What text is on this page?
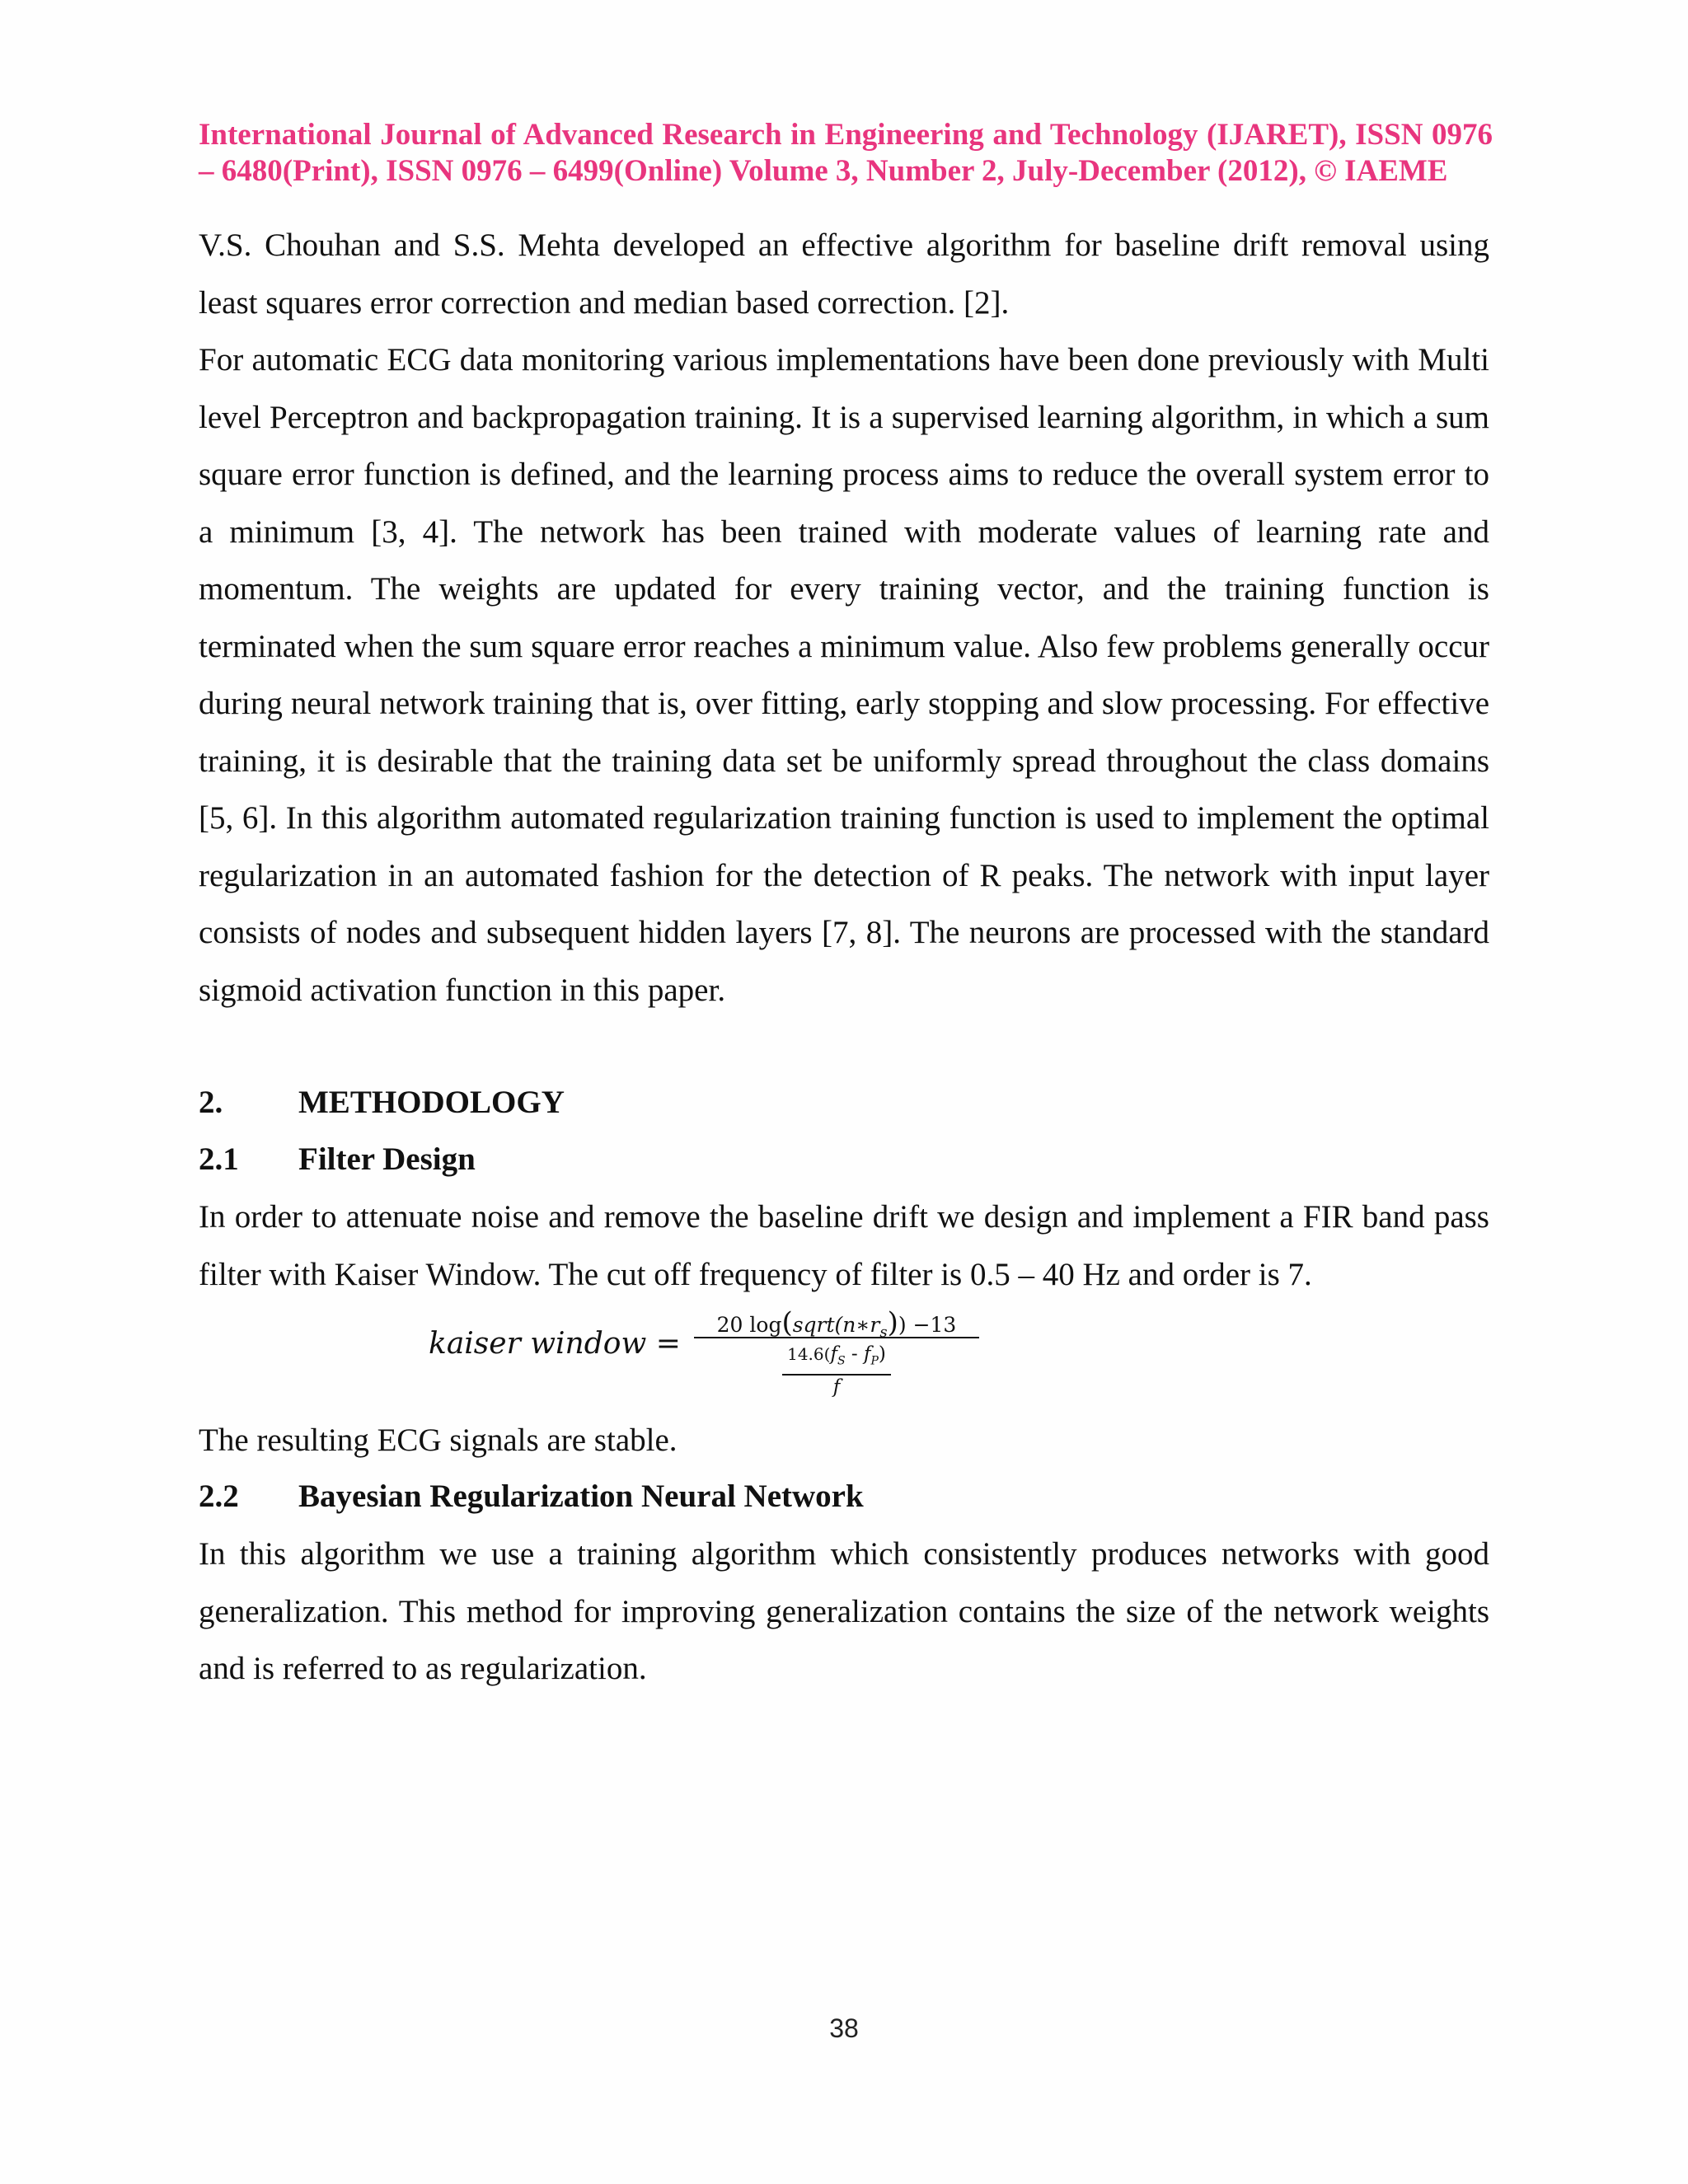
International Journal of Advanced Research in Engineering and Technology (IJARET), ISSN 0976
– 6480(Print), ISSN 0976 – 6499(Online) Volume 3, Number 2, July-December (2012), © IAEME

V.S. Chouhan and S.S. Mehta developed an effective algorithm for baseline drift removal using least squares error correction and median based correction. [2].

For automatic ECG data monitoring various implementations have been done previously with Multi level Perceptron and backpropagation training. It is a supervised learning algorithm, in which a sum square error function is defined, and the learning process aims to reduce the overall system error to a minimum [3, 4]. The network has been trained with moderate values of learning rate and momentum. The weights are updated for every training vector, and the training function is terminated when the sum square error reaches a minimum value. Also few problems generally occur during neural network training that is, over fitting, early stopping and slow processing. For effective training, it is desirable that the training data set be uniformly spread throughout the class domains [5, 6]. In this algorithm automated regularization training function is used to implement the optimal regularization in an automated fashion for the detection of R peaks. The network with input layer consists of nodes and subsequent hidden layers [7, 8]. The neurons are processed with the standard sigmoid activation function in this paper.

2. METHODOLOGY
2.1 Filter Design

In order to attenuate noise and remove the baseline drift we design and implement a FIR band pass filter with Kaiser Window. The cut off frequency of filter is 0.5 – 40 Hz and order is 7.

kaiser window =
20 $\log(sqrt(n∗r_s)) -13$
$\frac{14.6(f_S - f_P)}{f}$

The resulting ECG signals are stable.

2.2 Bayesian Regularization Neural Network

In this algorithm we use a training algorithm which consistently produces networks with good generalization. This method for improving generalization contains the size of the network weights and is referred to as regularization.

38
